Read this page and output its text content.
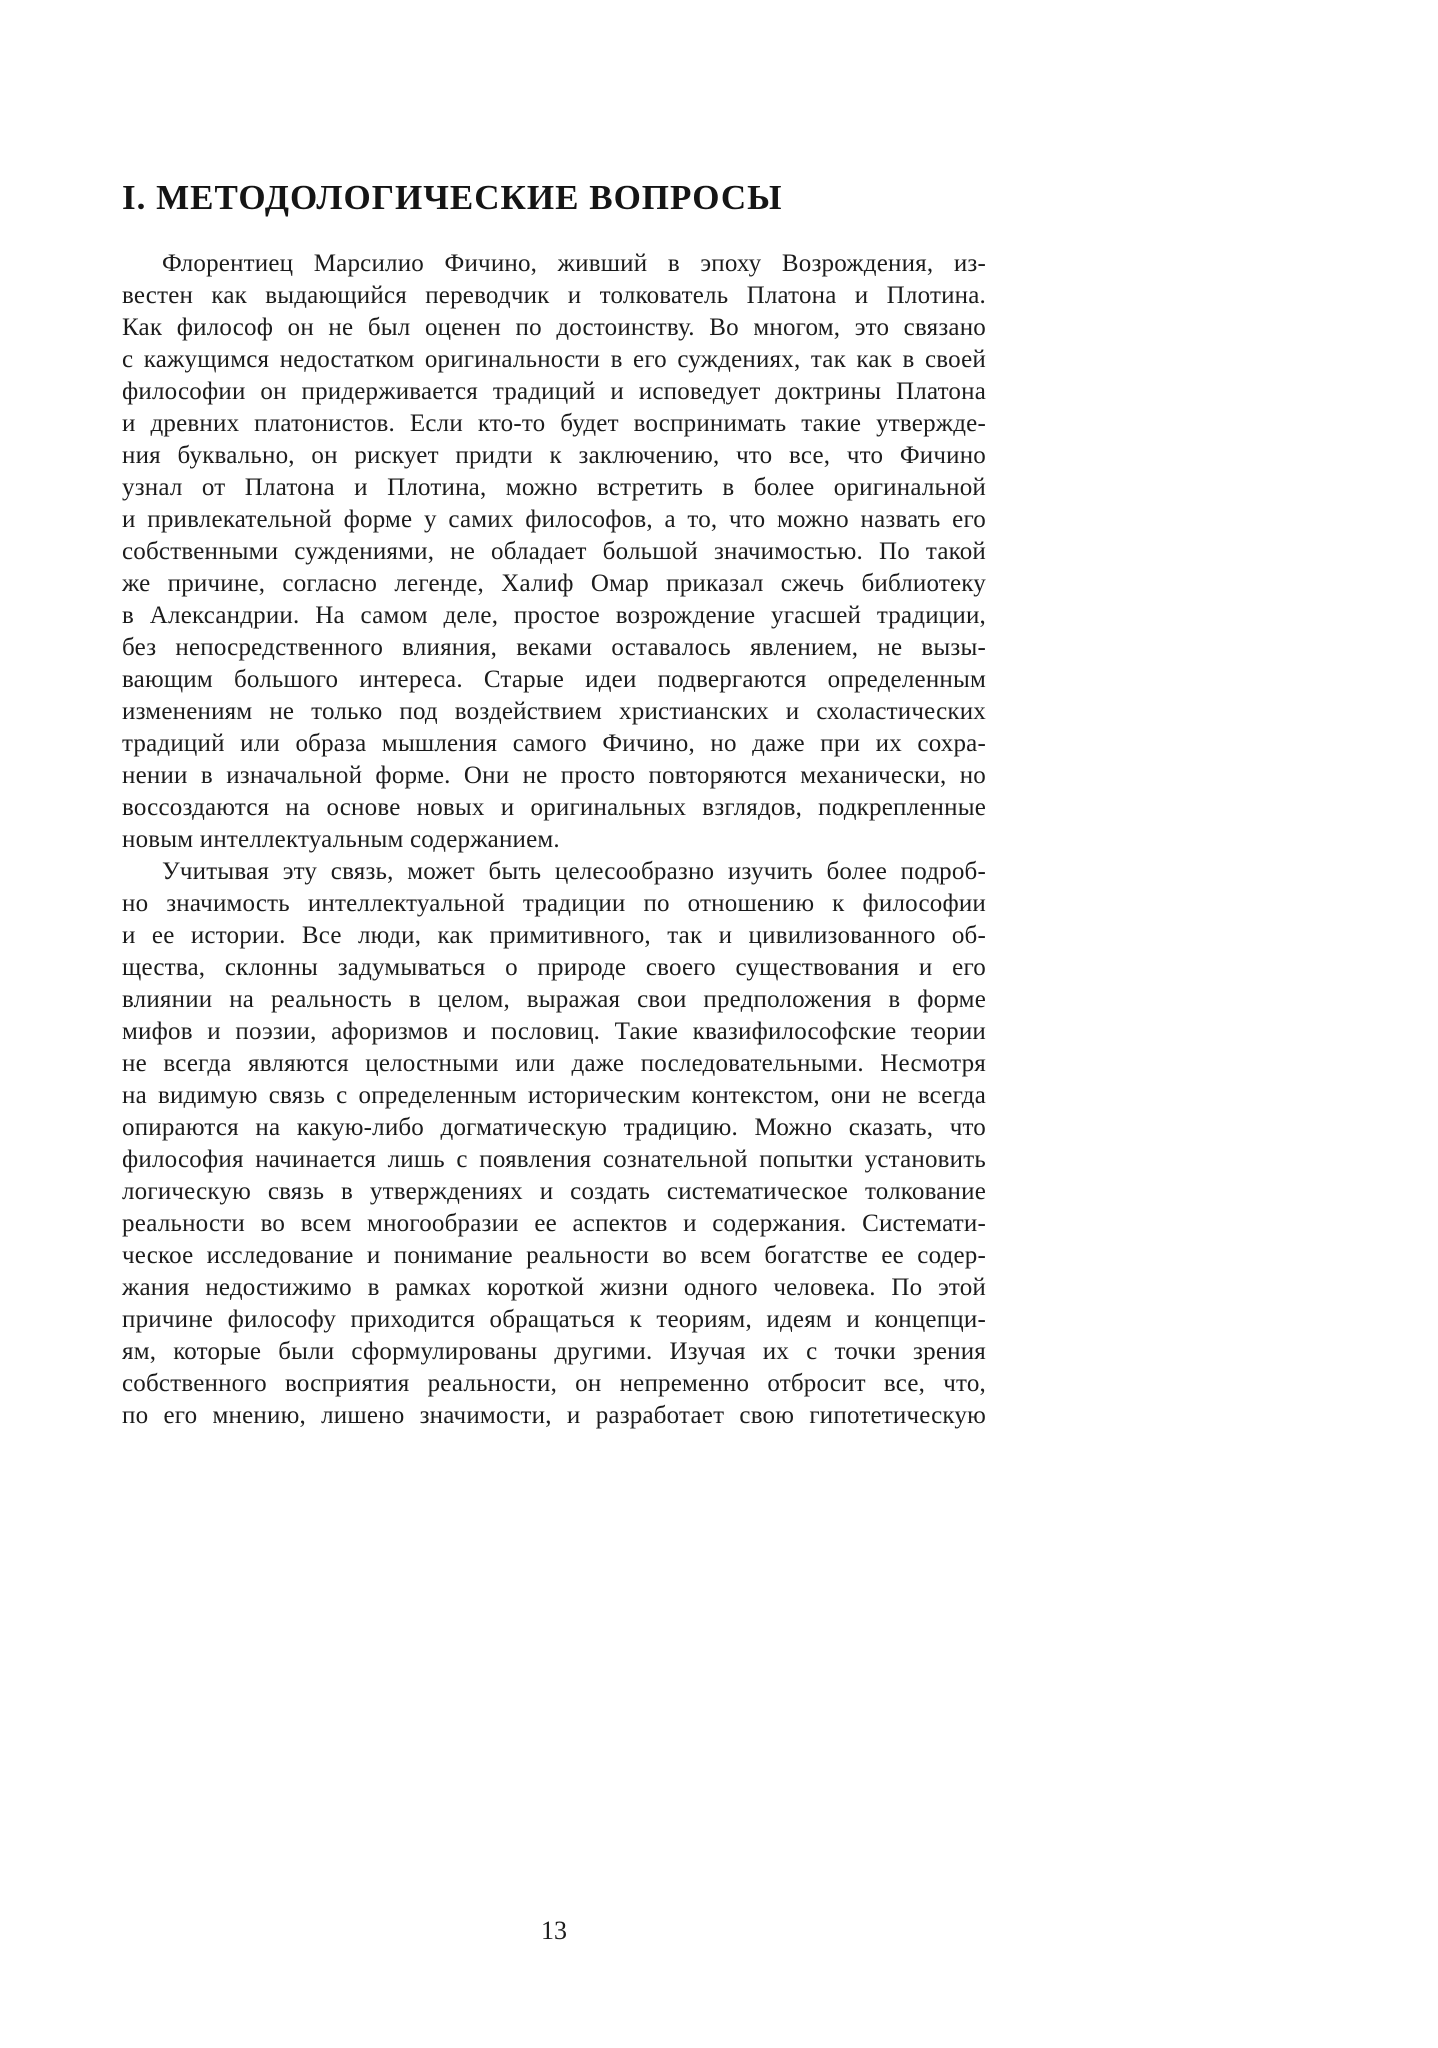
I. МЕТОДОЛОГИЧЕСКИЕ ВОПРОСЫ
Флорентиец Марсилио Фичино, живший в эпоху Возрождения, из-
вестен как выдающийся переводчик и толкователь Платона и Плотина.
Как философ он не был оценен по достоинству. Во многом, это связано
с кажущимся недостатком оригинальности в его суждениях, так как в своей
философии он придерживается традиций и исповедует доктрины Платона
и древних платонистов. Если кто-то будет воспринимать такие утвержде-
ния буквально, он рискует придти к заключению, что все, что Фичино
узнал от Платона и Плотина, можно встретить в более оригинальной
и привлекательной форме у самих философов, а то, что можно назвать его
собственными суждениями, не обладает большой значимостью. По такой
же причине, согласно легенде, Халиф Омар приказал сжечь библиотеку
в Александрии. На самом деле, простое возрождение угасшей традиции,
без непосредственного влияния, веками оставалось явлением, не вызы-
вающим большого интереса. Старые идеи подвергаются определенным
изменениям не только под воздействием христианских и схоластических
традиций или образа мышления самого Фичино, но даже при их сохра-
нении в изначальной форме. Они не просто повторяются механически, но
воссоздаются на основе новых и оригинальных взглядов, подкрепленные
новым интеллектуальным содержанием.
Учитывая эту связь, может быть целесообразно изучить более подроб-
но значимость интеллектуальной традиции по отношению к философии
и ее истории. Все люди, как примитивного, так и цивилизованного об-
щества, склонны задумываться о природе своего существования и его
влиянии на реальность в целом, выражая свои предположения в форме
мифов и поэзии, афоризмов и пословиц. Такие квазифилософские теории
не всегда являются целостными или даже последовательными. Несмотря
на видимую связь с определенным историческим контекстом, они не всегда
опираются на какую-либо догматическую традицию. Можно сказать, что
философия начинается лишь с появления сознательной попытки установить
логическую связь в утверждениях и создать систематическое толкование
реальности во всем многообразии ее аспектов и содержания. Системати-
ческое исследование и понимание реальности во всем богатстве ее содер-
жания недостижимо в рамках короткой жизни одного человека. По этой
причине философу приходится обращаться к теориям, идеям и концепци-
ям, которые были сформулированы другими. Изучая их с точки зрения
собственного восприятия реальности, он непременно отбросит все, что,
по его мнению, лишено значимости, и разработает свою гипотетическую
13
